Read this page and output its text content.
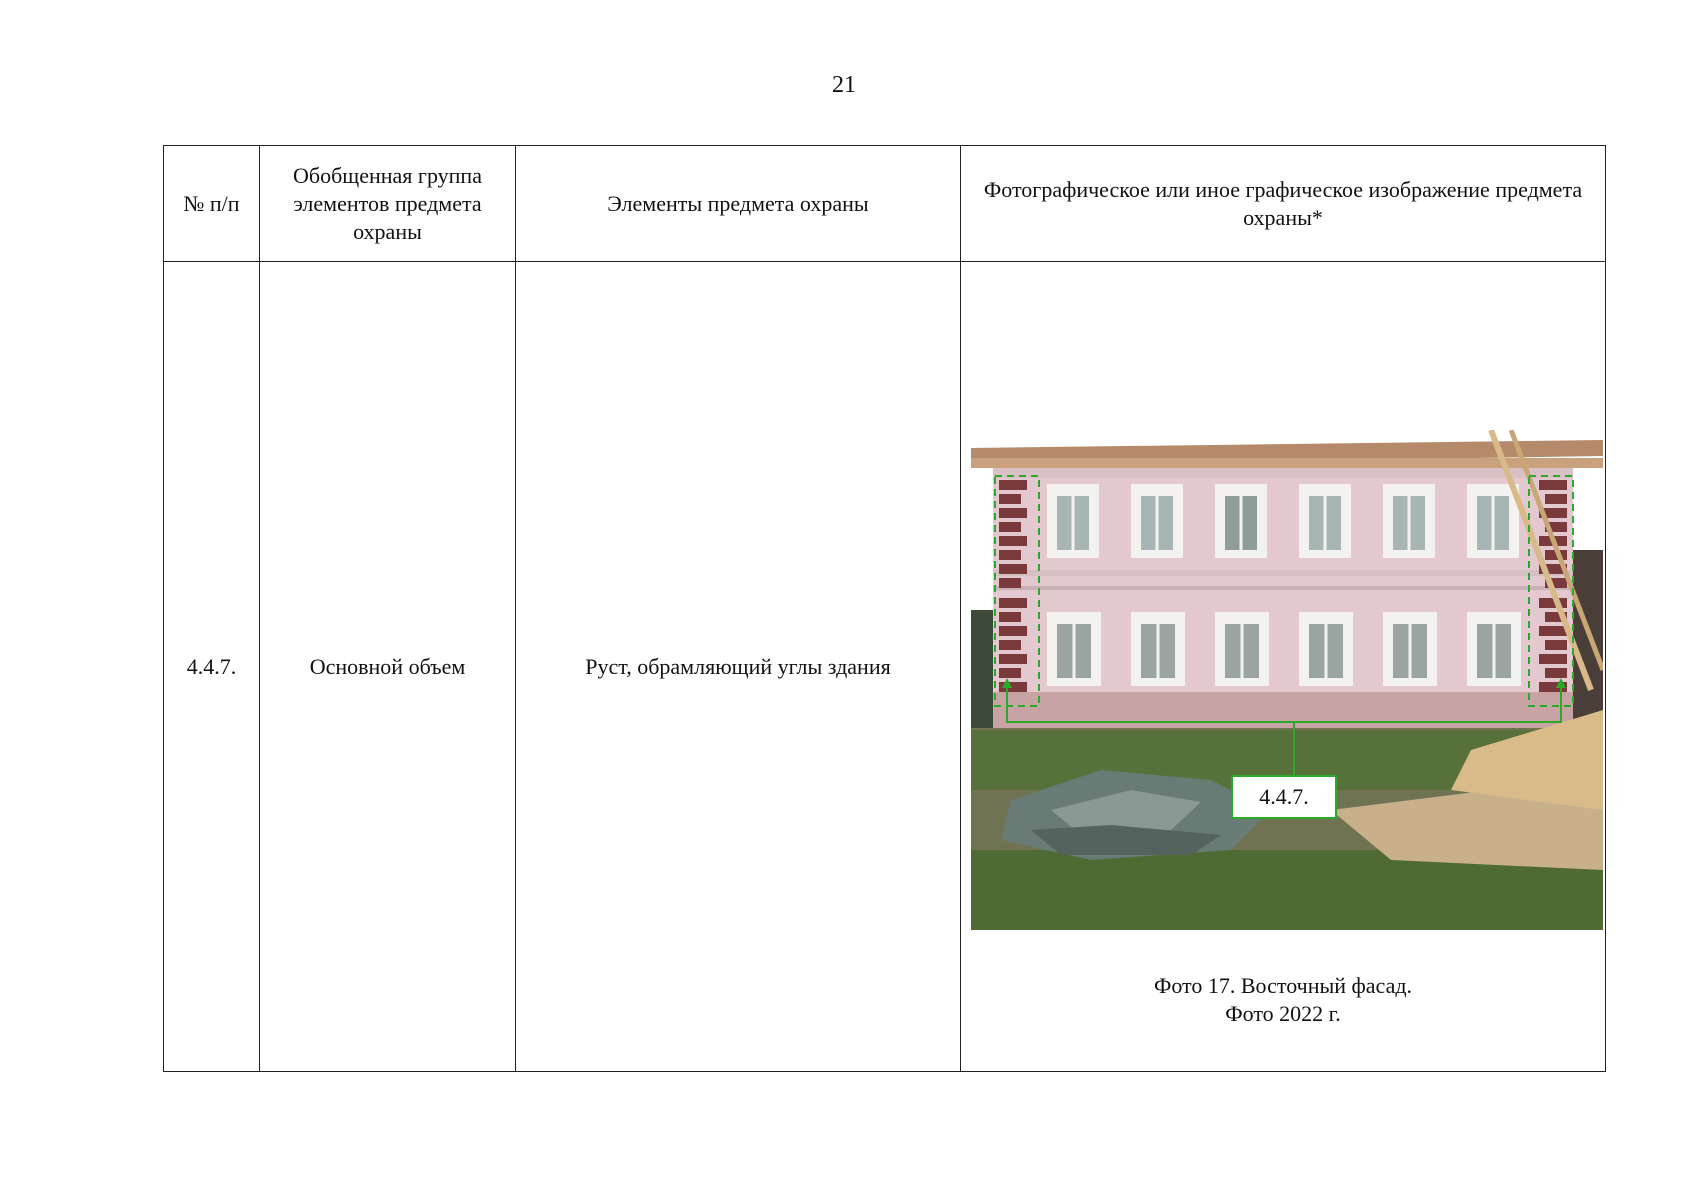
21
№ п/п	Обобщенная группа элементов предмета охраны	Элементы предмета охраны	Фотографическое или иное графическое изображение предмета охраны*
4.4.7.	Основной объем	Руст, обрамляющий углы здания	4.4.7.
Фото 17. Восточный фасад.
Фото 2022 г.
